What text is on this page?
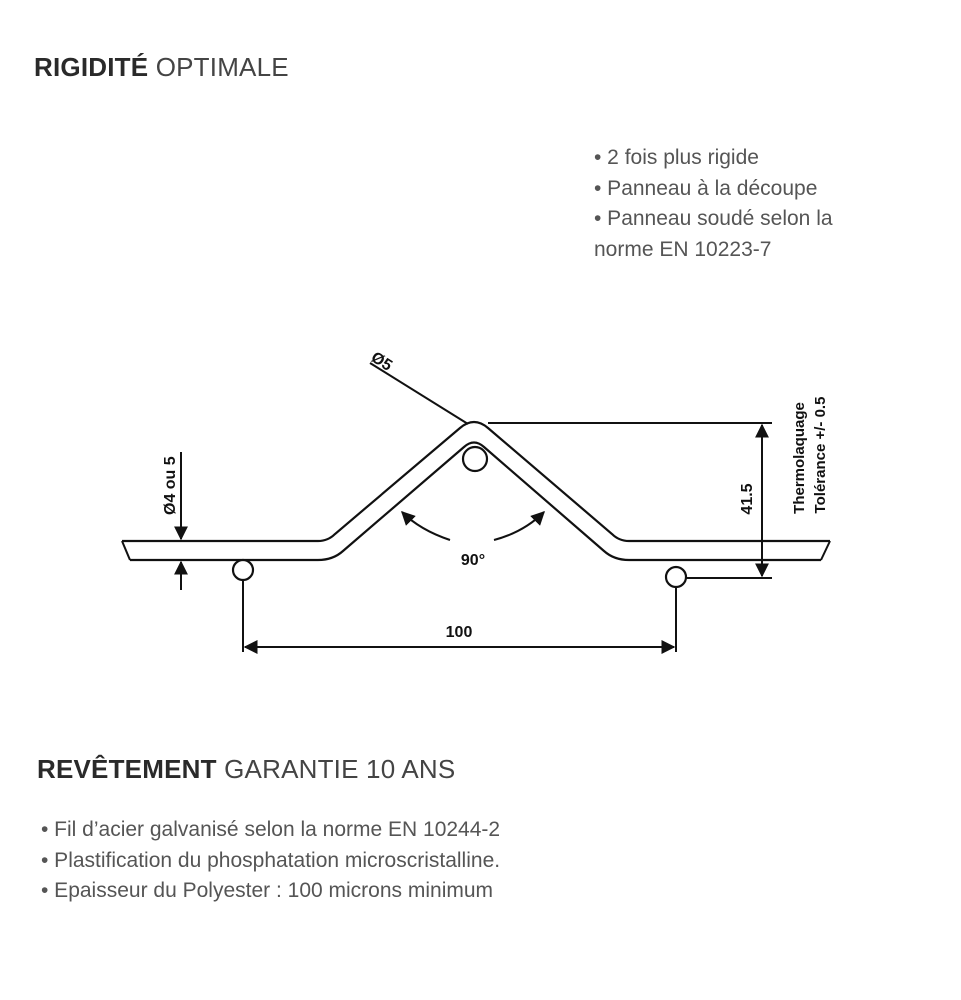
RIGIDITÉ OPTIMALE
• 2 fois plus rigide
• Panneau à la découpe
• Panneau soudé selon la norme EN 10223-7
Ø5
Ø4 ou 5	41.5 Thermolaquage Tolérance +/- 0.5
90°
100
REVÊTEMENT GARANTIE 10 ANS
• Fil d’acier galvanisé selon la norme EN 10244-2
• Plastification du phosphatation microscristalline.
• Epaisseur du Polyester : 100 microns minimum
